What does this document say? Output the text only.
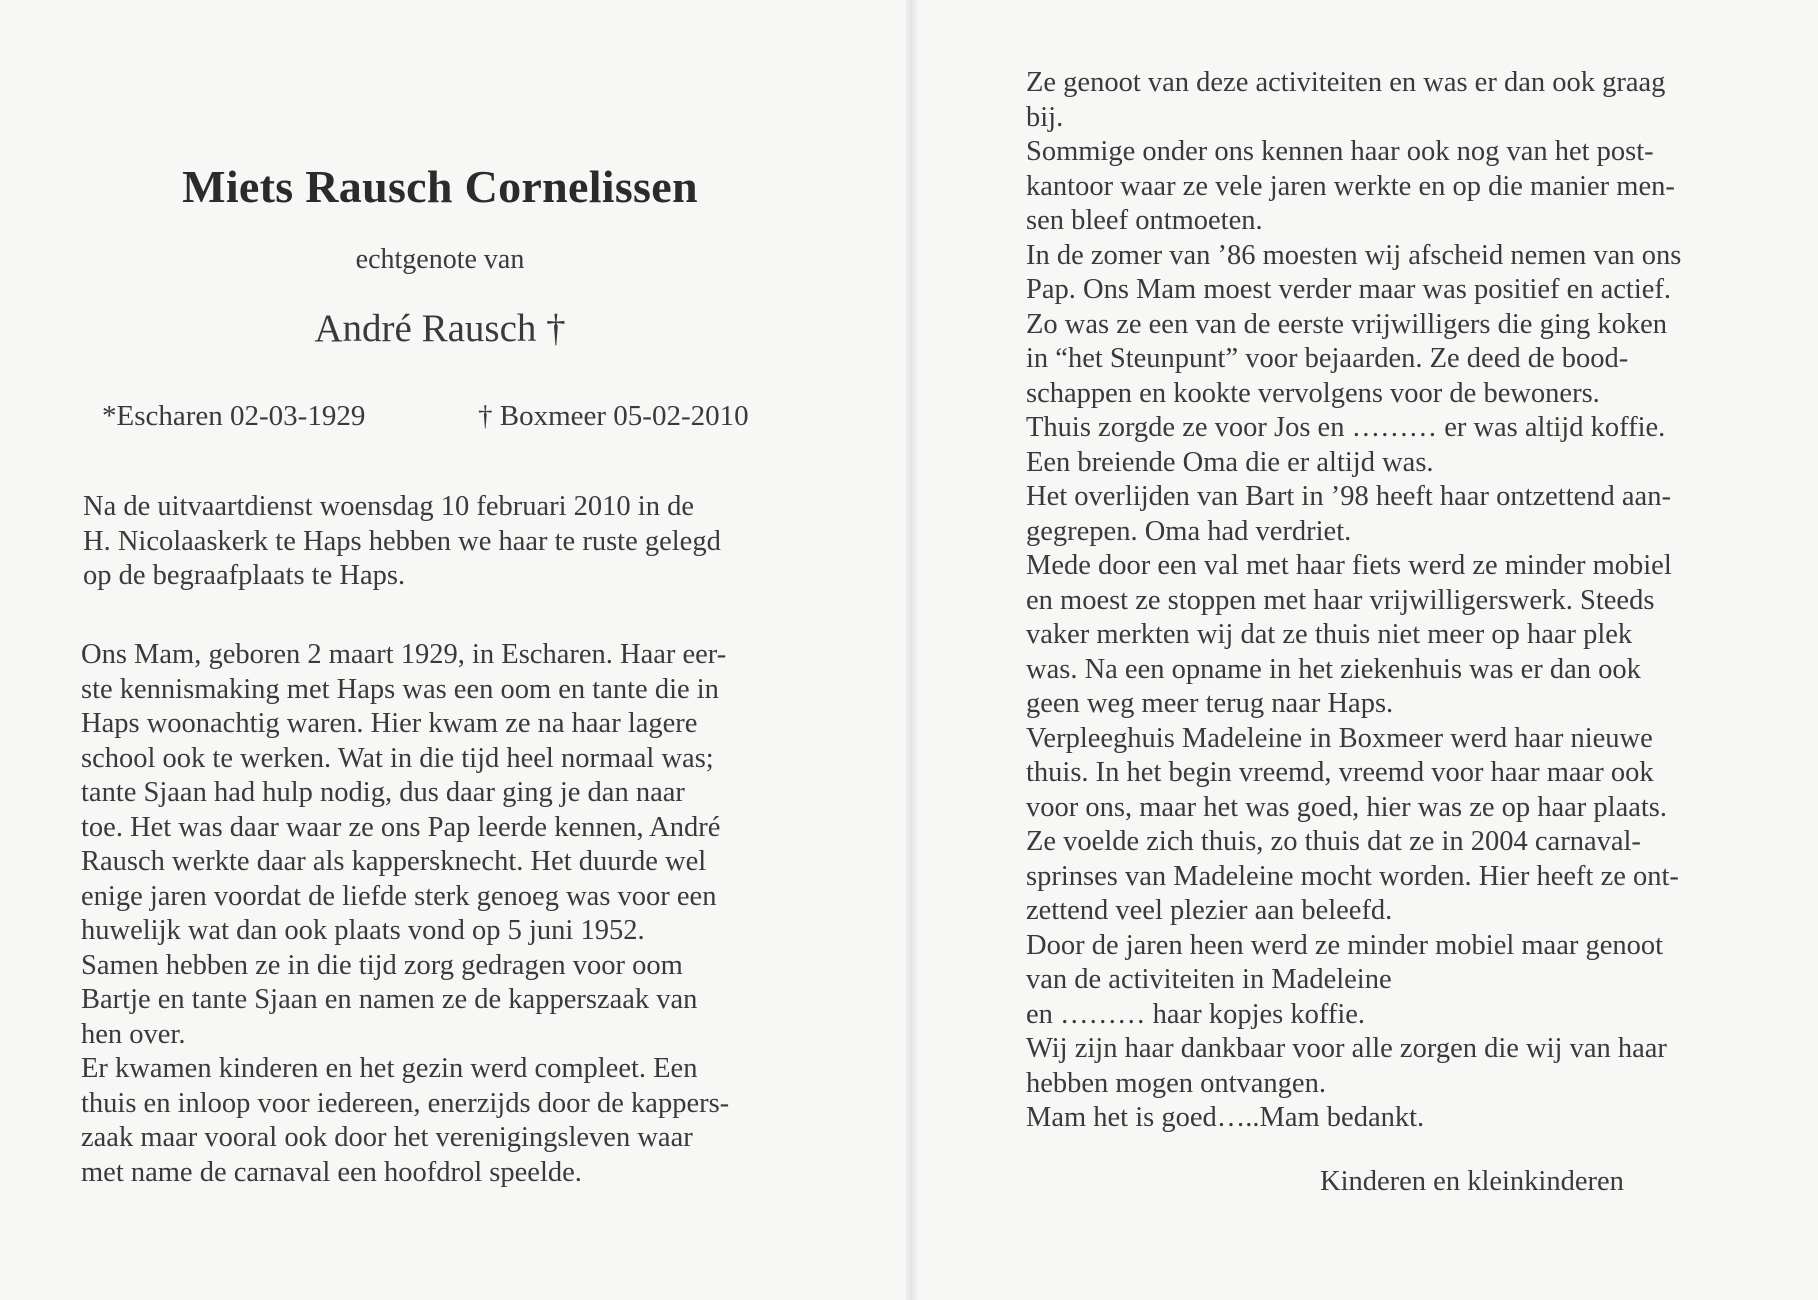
Miets Rausch Cornelissen
echtgenote van
André Rausch †
*Escharen 02-03-1929	† Boxmeer 05-02-2010

Na de uitvaartdienst woensdag 10 februari 2010 in de

H. Nicolaaskerk te Haps hebben we haar te ruste gelegd

op de begraafplaats te Haps.

Ons Mam, geboren 2 maart 1929, in Escharen. Haar eer-

ste kennismaking met Haps was een oom en tante die in

Haps woonachtig waren. Hier kwam ze na haar lagere

school ook te werken. Wat in die tijd heel normaal was;

tante Sjaan had hulp nodig, dus daar ging je dan naar

toe. Het was daar waar ze ons Pap leerde kennen, André

Rausch werkte daar als kappersknecht. Het duurde wel

enige jaren voordat de liefde sterk genoeg was voor een

huwelijk wat dan ook plaats vond op 5 juni 1952.

Samen hebben ze in die tijd zorg gedragen voor oom

Bartje en tante Sjaan en namen ze de kapperszaak van

hen over.

Er kwamen kinderen en het gezin werd compleet. Een

thuis en inloop voor iedereen, enerzijds door de kappers-

zaak maar vooral ook door het verenigingsleven waar

met name de carnaval een hoofdrol speelde.

Ze genoot van deze activiteiten en was er dan ook graag

bij.

Sommige onder ons kennen haar ook nog van het post-

kantoor waar ze vele jaren werkte en op die manier men-

sen bleef ontmoeten.

In de zomer van ’86 moesten wij afscheid nemen van ons

Pap. Ons Mam moest verder maar was positief en actief.

Zo was ze een van de eerste vrijwilligers die ging koken

in “het Steunpunt” voor bejaarden. Ze deed de bood-

schappen en kookte vervolgens voor de bewoners.

Thuis zorgde ze voor Jos en ……… er was altijd koffie.

Een breiende Oma die er altijd was.

Het overlijden van Bart in ’98 heeft haar ontzettend aan-

gegrepen. Oma had verdriet.

Mede door een val met haar fiets werd ze minder mobiel

en moest ze stoppen met haar vrijwilligerswerk. Steeds

vaker merkten wij dat ze thuis niet meer op haar plek

was. Na een opname in het ziekenhuis was er dan ook

geen weg meer terug naar Haps.

Verpleeghuis Madeleine in Boxmeer werd haar nieuwe

thuis. In het begin vreemd, vreemd voor haar maar ook

voor ons, maar het was goed, hier was ze op haar plaats.

Ze voelde zich thuis, zo thuis dat ze in 2004 carnaval-

sprinses van Madeleine mocht worden. Hier heeft ze ont-

zettend veel plezier aan beleefd.

Door de jaren heen werd ze minder mobiel maar genoot

van de activiteiten in Madeleine

en ……… haar kopjes koffie.

Wij zijn haar dankbaar voor alle zorgen die wij van haar

hebben mogen ontvangen.

Mam het is goed…..Mam bedankt.

Kinderen en kleinkinderen
